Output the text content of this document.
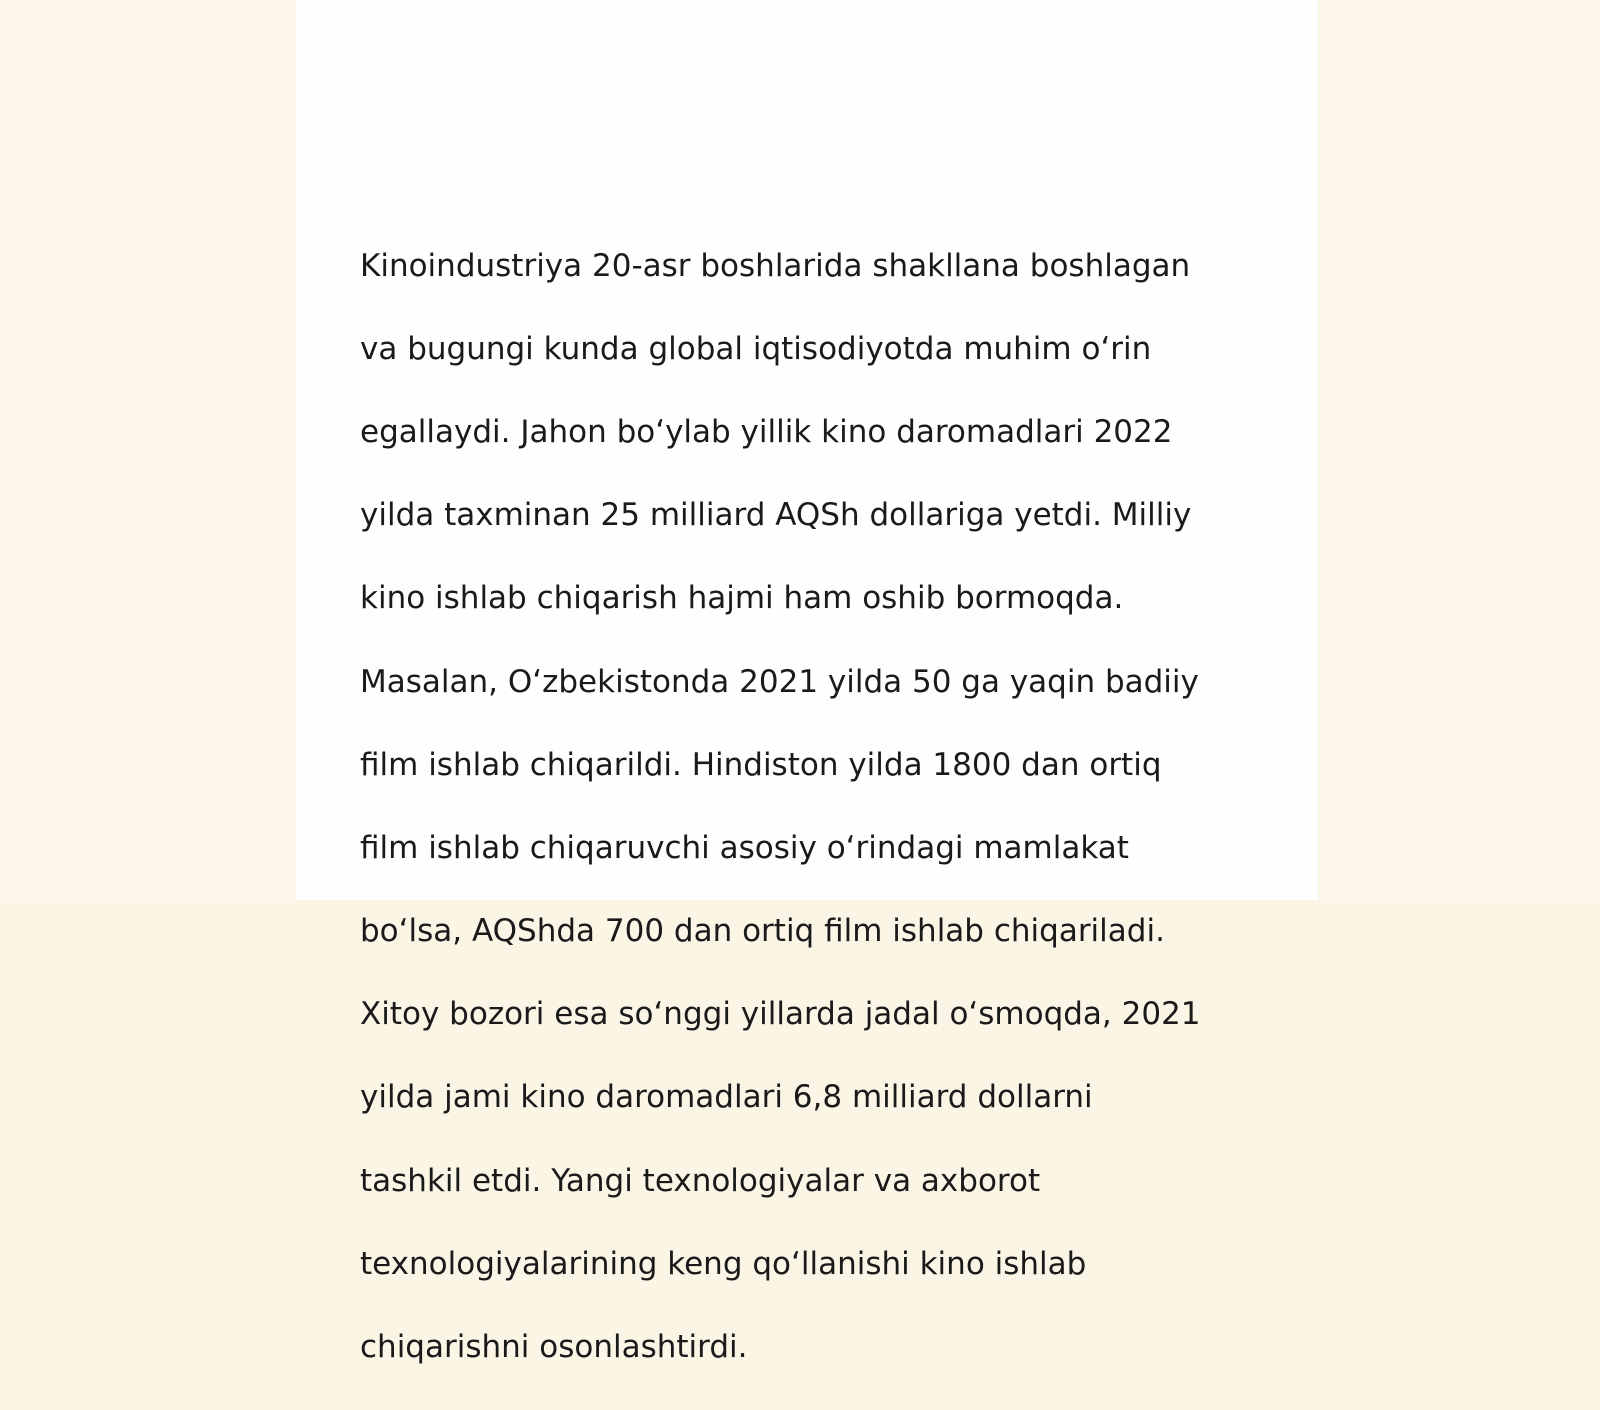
Kinoindustriya 20-asr boshlarida shakllana boshlagan

va bugungi kunda global iqtisodiyotda muhim o‘rin

egallaydi. Jahon bo‘ylab yillik kino daromadlari 2022

yilda taxminan 25 milliard AQSh dollariga yetdi. Milliy

kino ishlab chiqarish hajmi ham oshib bormoqda.

Masalan, O‘zbekistonda 2021 yilda 50 ga yaqin badiiy

film ishlab chiqarildi. Hindiston yilda 1800 dan ortiq

film ishlab chiqaruvchi asosiy o‘rindagi mamlakat

bo‘lsa, AQShda 700 dan ortiq film ishlab chiqariladi.

Xitoy bozori esa so‘nggi yillarda jadal o‘smoqda, 2021

yilda jami kino daromadlari 6,8 milliard dollarni

tashkil etdi. Yangi texnologiyalar va axborot

texnologiyalarining keng qo‘llanishi kino ishlab

chiqarishni osonlashtirdi.
